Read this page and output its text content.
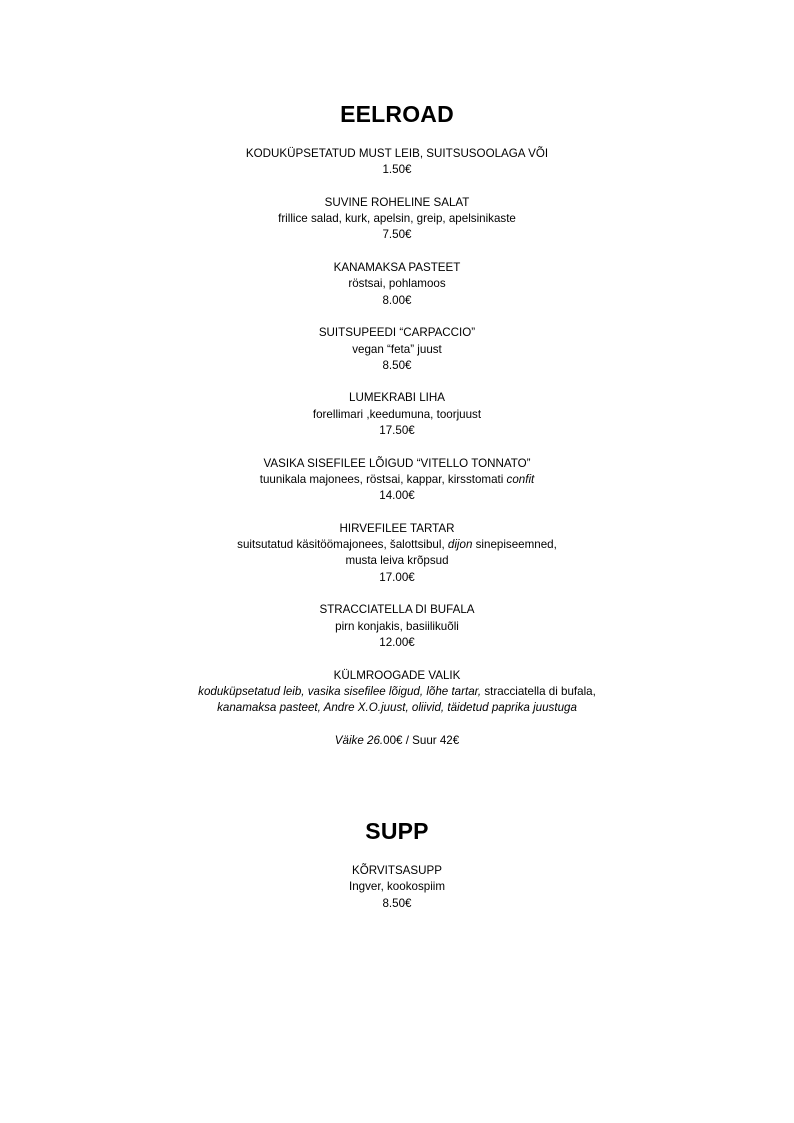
EELROAD
KODUKÜPSETATUD MUST LEIB, SUITSUSOOLAGA VÕI
1.50€
SUVINE ROHELINE SALAT
frillice salad, kurk, apelsin, greip, apelsinikaste
7.50€
KANAMAKSA PASTEET
röstsai, pohlamoos
8.00€
SUITSUPEEDI “CARPACCIO”
vegan “feta” juust
8.50€
LUMEKRABI LIHA
forellimari ,keedumuna, toorjuust
17.50€
VASIKA SISEFILEE LÕIGUD “VITELLO TONNATO”
tuunikala majonees, röstsai, kappar, kirsstomati confit
14.00€
HIRVEFILEE TARTAR
suitsutatud käsitöömajonees, šalottsibul, dijon sinepiseemned,
musta leiva krõpsud
17.00€
STRACCIATELLA DI BUFALA
pirn konjakis, basiilikuõli
12.00€
KÜLMROOGADE VALIK
koduküpsetatud leib, vasika sisefilee lõigud, lõhe tartar, stracciatella di bufala,
kanamaksa pasteet, Andre X.O.juust, oliivid, täidetud paprika juustuga
Väike 26.00€ / Suur 42€
SUPP
KÕRVITSASUPP
Ingver, kookospiim
8.50€
